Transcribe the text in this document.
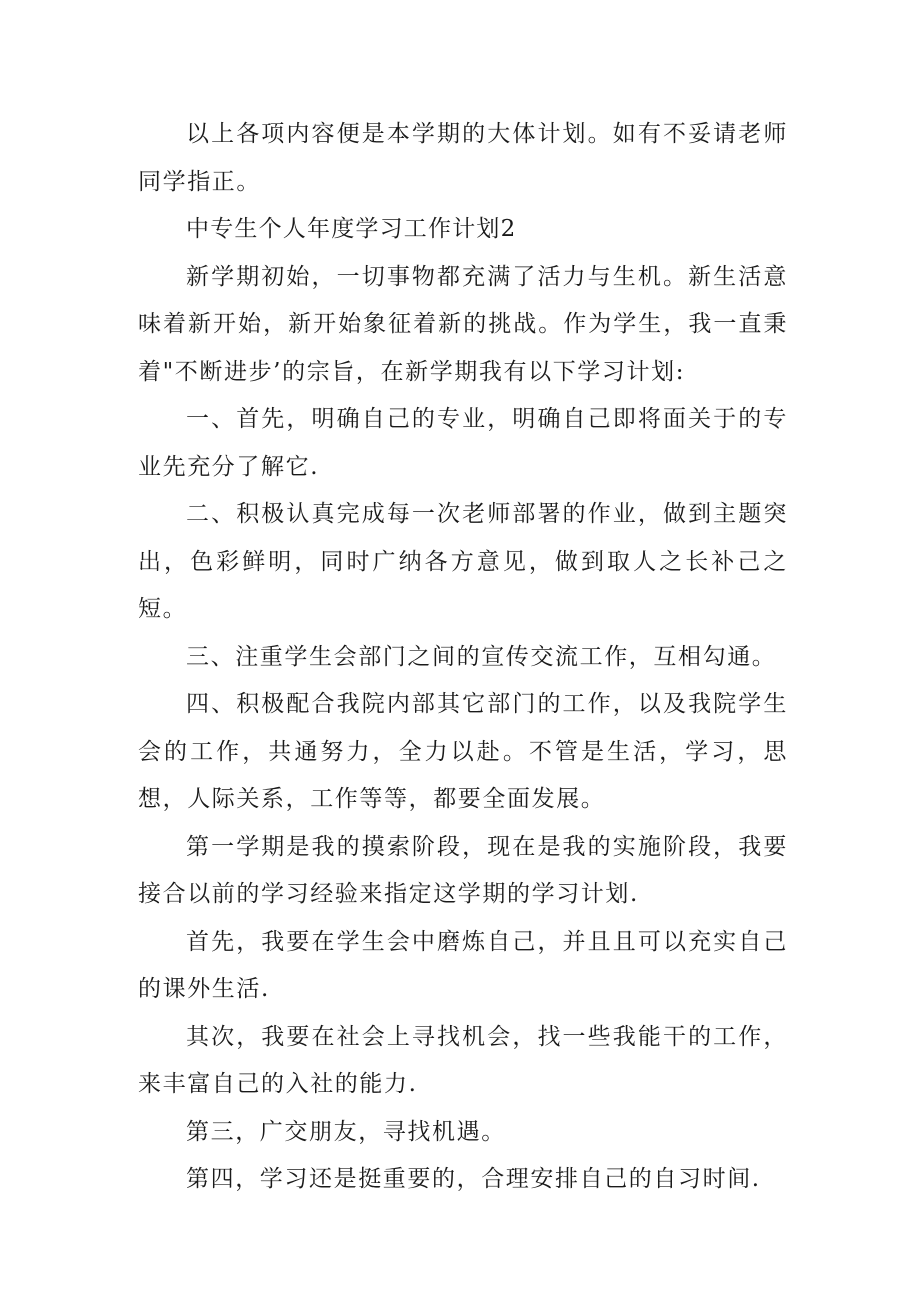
以上各项内容便是本学期的大体计划。如有不妥请老师同学指正。

中专生个人年度学习工作计划2

新学期初始，一切事物都充满了活力与生机。新生活意味着新开始，新开始象征着新的挑战。作为学生，我一直秉着"不断进步’的宗旨，在新学期我有以下学习计划:

一、首先，明确自己的专业，明确自己即将面关于的专业先充分了解它.

二、积极认真完成每一次老师部署的作业，做到主题突出，色彩鲜明，同时广纳各方意见，做到取人之长补己之短。

三、注重学生会部门之间的宣传交流工作，互相勾通。

四、积极配合我院内部其它部门的工作，以及我院学生会的工作，共通努力，全力以赴。不管是生活，学习，思想，人际关系，工作等等，都要全面发展。

第一学期是我的摸索阶段，现在是我的实施阶段，我要接合以前的学习经验来指定这学期的学习计划.

首先，我要在学生会中磨炼自己，并且且可以充实自己的课外生活.

其次，我要在社会上寻找机会，找一些我能干的工作，来丰富自己的入社的能力.

第三，广交朋友，寻找机遇。

第四，学习还是挺重要的，合理安排自己的自习时间.
